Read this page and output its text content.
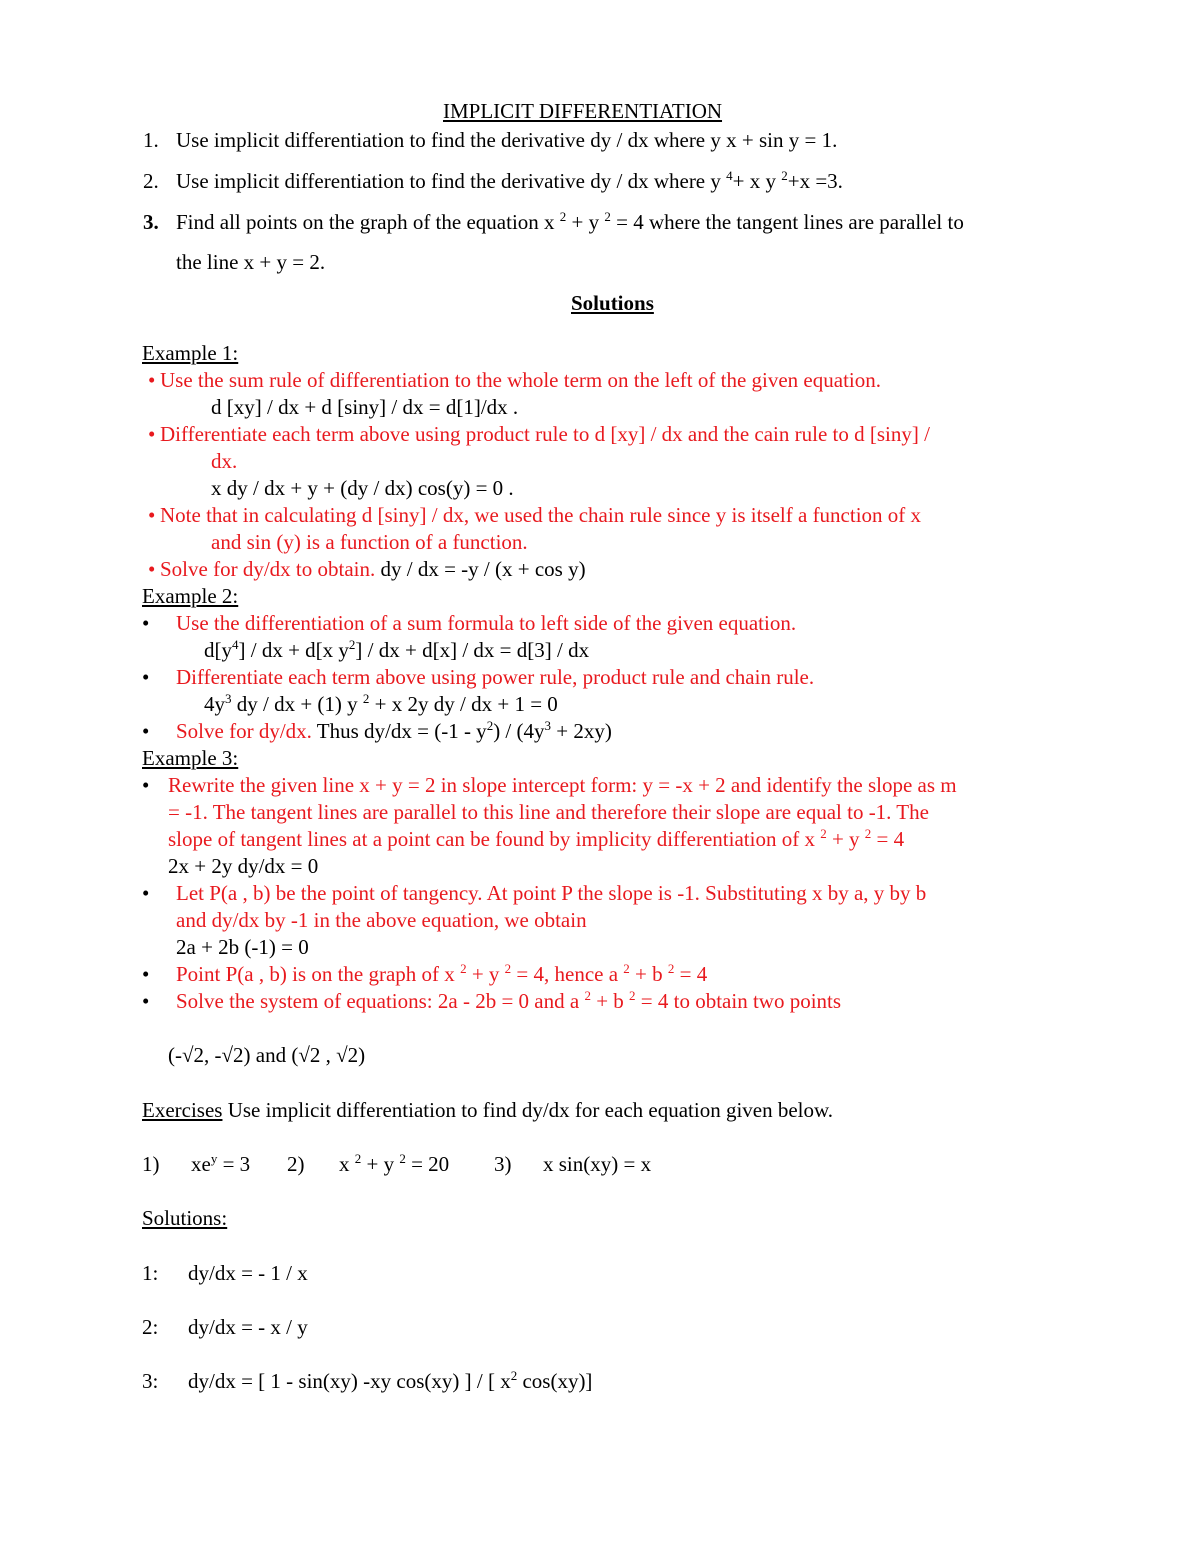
IMPLICIT DIFFERENTIATION
1. Use implicit differentiation to find the derivative dy / dx where y x + sin y = 1.
2. Use implicit differentiation to find the derivative dy / dx where y $^4$+ x y $^2$+x =3.
3. Find all points on the graph of the equation x $^2$ + y $^2$ = 4 where the tangent lines are parallel to
the line x + y = 2.
Solutions
Example 1:
• Use the sum rule of differentiation to the whole term on the left of the given equation.
d [xy] / dx + d [siny] / dx = d[1]/dx .
• Differentiate each term above using product rule to d [xy] / dx and the cain rule to d [siny] /
dx.
x dy / dx + y + (dy / dx) cos(y) = 0 .
• Note that in calculating d [siny] / dx, we used the chain rule since y is itself a function of x
and sin (y) is a function of a function.
• Solve for dy/dx to obtain. dy / dx = -y / (x + cos y)
Example 2:
• Use the differentiation of a sum formula to left side of the given equation.
$d[y^4]$ / dx + d[x $y^2$] / dx + d[x] / dx = d[3] / dx
• Differentiate each term above using power rule, product rule and chain rule.
$4y^3$ dy / dx + (1) y $^2$ + x 2y dy / dx + 1 = 0
• Solve for dy/dx. Thus $dy/dx = (-1 - y^2) / (4y^3 + 2xy)$
Example 3:
• Rewrite the given line x + y = 2 in slope intercept form: y = -x + 2 and identify the slope as m
= -1. The tangent lines are parallel to this line and therefore their slope are equal to -1. The
slope of tangent lines at a point can be found by implicity differentiation of x $^2$ + y $^2$ = 4
2x + 2y dy/dx = 0
• Let P(a , b) be the point of tangency. At point P the slope is -1. Substituting x by a, y by b
and dy/dx by -1 in the above equation, we obtain
2a + 2b (-1) = 0
• Point P(a , b) is on the graph of x $^2$ + y $^2$ = 4, hence a $^2$ + b $^2$ = 4
• Solve the system of equations: 2a - 2b = 0 and a $^2$ + b $^2$ = 4 to obtain two points
(-√2, -√2) and (√2 , √2)
Exercises Use implicit differentiation to find dy/dx for each equation given below.
1) $xe^y = 3$ 2) x $^2$ + y $^2$ = 20 3) x sin(xy) = x
Solutions:
1: dy/dx = - 1 / x
2: dy/dx = - x / y
3: dy/dx = [ 1 - sin(xy) -xy cos(xy) ] / [ $x^2$ cos(xy)]
